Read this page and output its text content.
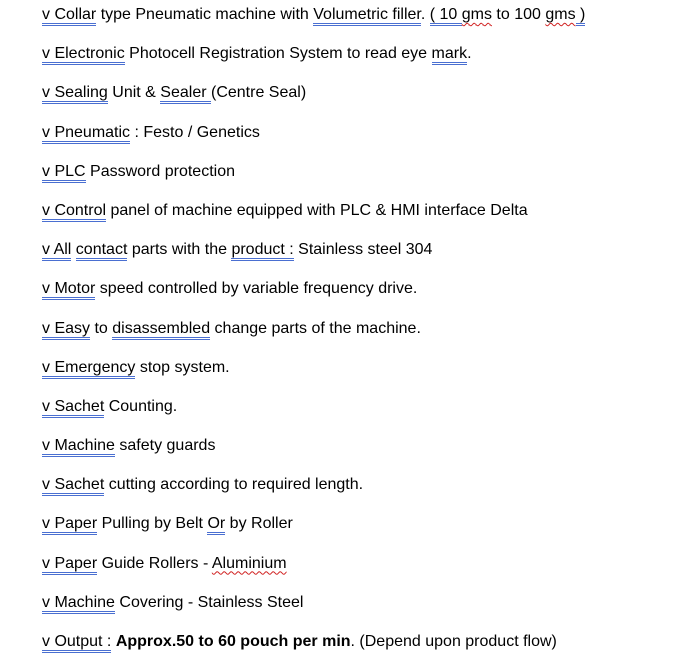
v Collar type Pneumatic machine with Volumetric filler. ( 10 gms to 100 gms )
v Electronic Photocell Registration System to read eye mark.
v Sealing Unit & Sealer (Centre Seal)
v Pneumatic : Festo / Genetics
v PLC Password protection
v Control panel of machine equipped with PLC & HMI interface Delta
v All contact parts with the product : Stainless steel 304
v Motor speed controlled by variable frequency drive.
v Easy to disassembled change parts of the machine.
v Emergency stop system.
v Sachet Counting.
v Machine safety guards
v Sachet cutting according to required length.
v Paper Pulling by Belt Or by Roller
v Paper Guide Rollers - Aluminium
v Machine Covering - Stainless Steel
v Output : Approx.50 to 60 pouch per min. (Depend upon product flow)
